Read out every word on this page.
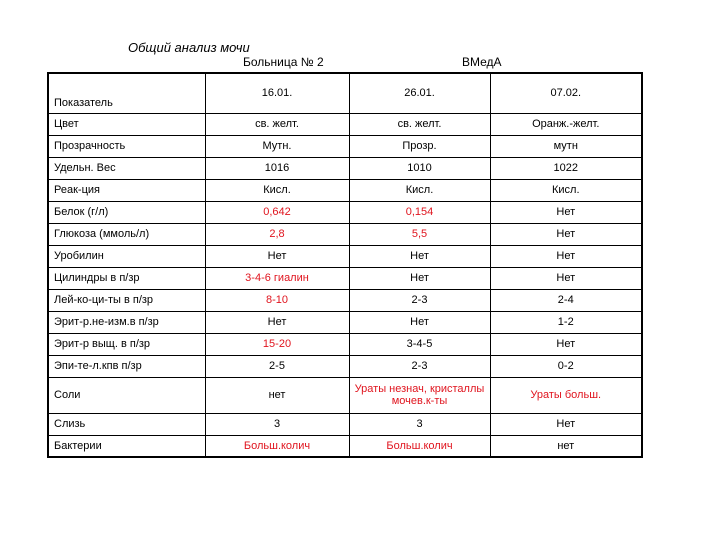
Общий анализ мочи
Больница № 2	ВМедА
Показатель	16.01.	26.01.	07.02.
Цвет	св. желт.	св. желт.	Оранж.-желт.
Прозрачность	Мутн.	Прозр.	мутн
Удельн. Вес	1016	1010	1022
Реак-ция	Кисл.	Кисл.	Кисл.
Белок (г/л)	0,642	0,154	Нет
Глюкоза (ммоль/л)	2,8	5,5	Нет
Уробилин	Нет	Нет	Нет
Цилиндры в п/зр	3-4-6 гиалин	Нет	Нет
Лей-ко-ци-ты в п/зр	8-10	2-3	2-4
Эрит-р.не-изм.в п/зр	Нет	Нет	1-2
Эрит-р выщ. в п/зр	15-20	3-4-5	Нет
Эпи-те-л.кпв п/зр	2-5	2-3	0-2
Соли	нет	Ураты незнач, кристаллы мочев.к-ты	Ураты больш.
Слизь	3	3	Нет
Бактерии	Больш.колич	Больш.колич	нет
